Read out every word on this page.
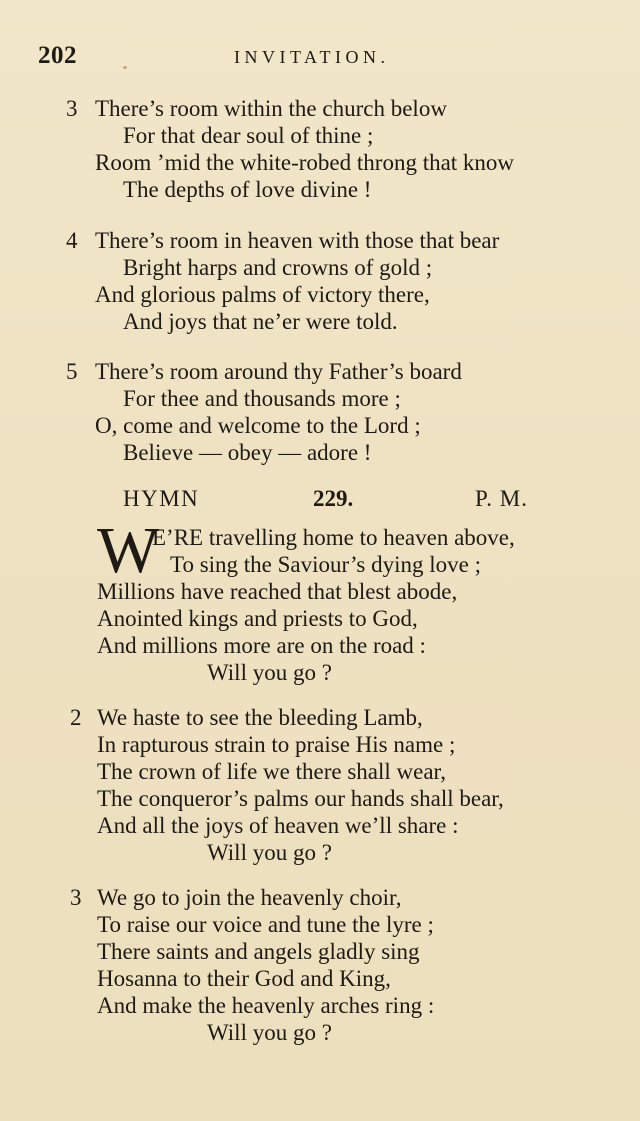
202	INVITATION.
3 There’s room within the church below
For that dear soul of thine ;
Room ’mid the white-robed throng that know
The depths of love divine !
4 There’s room in heaven with those that bear
Bright harps and crowns of gold ;
And glorious palms of victory there,
And joys that ne’er were told.
5 There’s room around thy Father’s board
For thee and thousands more ;
O, come and welcome to the Lord ;
Believe — obey — adore !
HYMN	229.	P. M.
W
E’RE travelling home to heaven above,
To sing the Saviour’s dying love ;
Millions have reached that blest abode,
Anointed kings and priests to God,
And millions more are on the road :
Will you go ?
2 We haste to see the bleeding Lamb,
In rapturous strain to praise His name ;
The crown of life we there shall wear,
The conqueror’s palms our hands shall bear,
And all the joys of heaven we’ll share :
Will you go ?
3 We go to join the heavenly choir,
To raise our voice and tune the lyre ;
There saints and angels gladly sing
Hosanna to their God and King,
And make the heavenly arches ring :
Will you go ?
